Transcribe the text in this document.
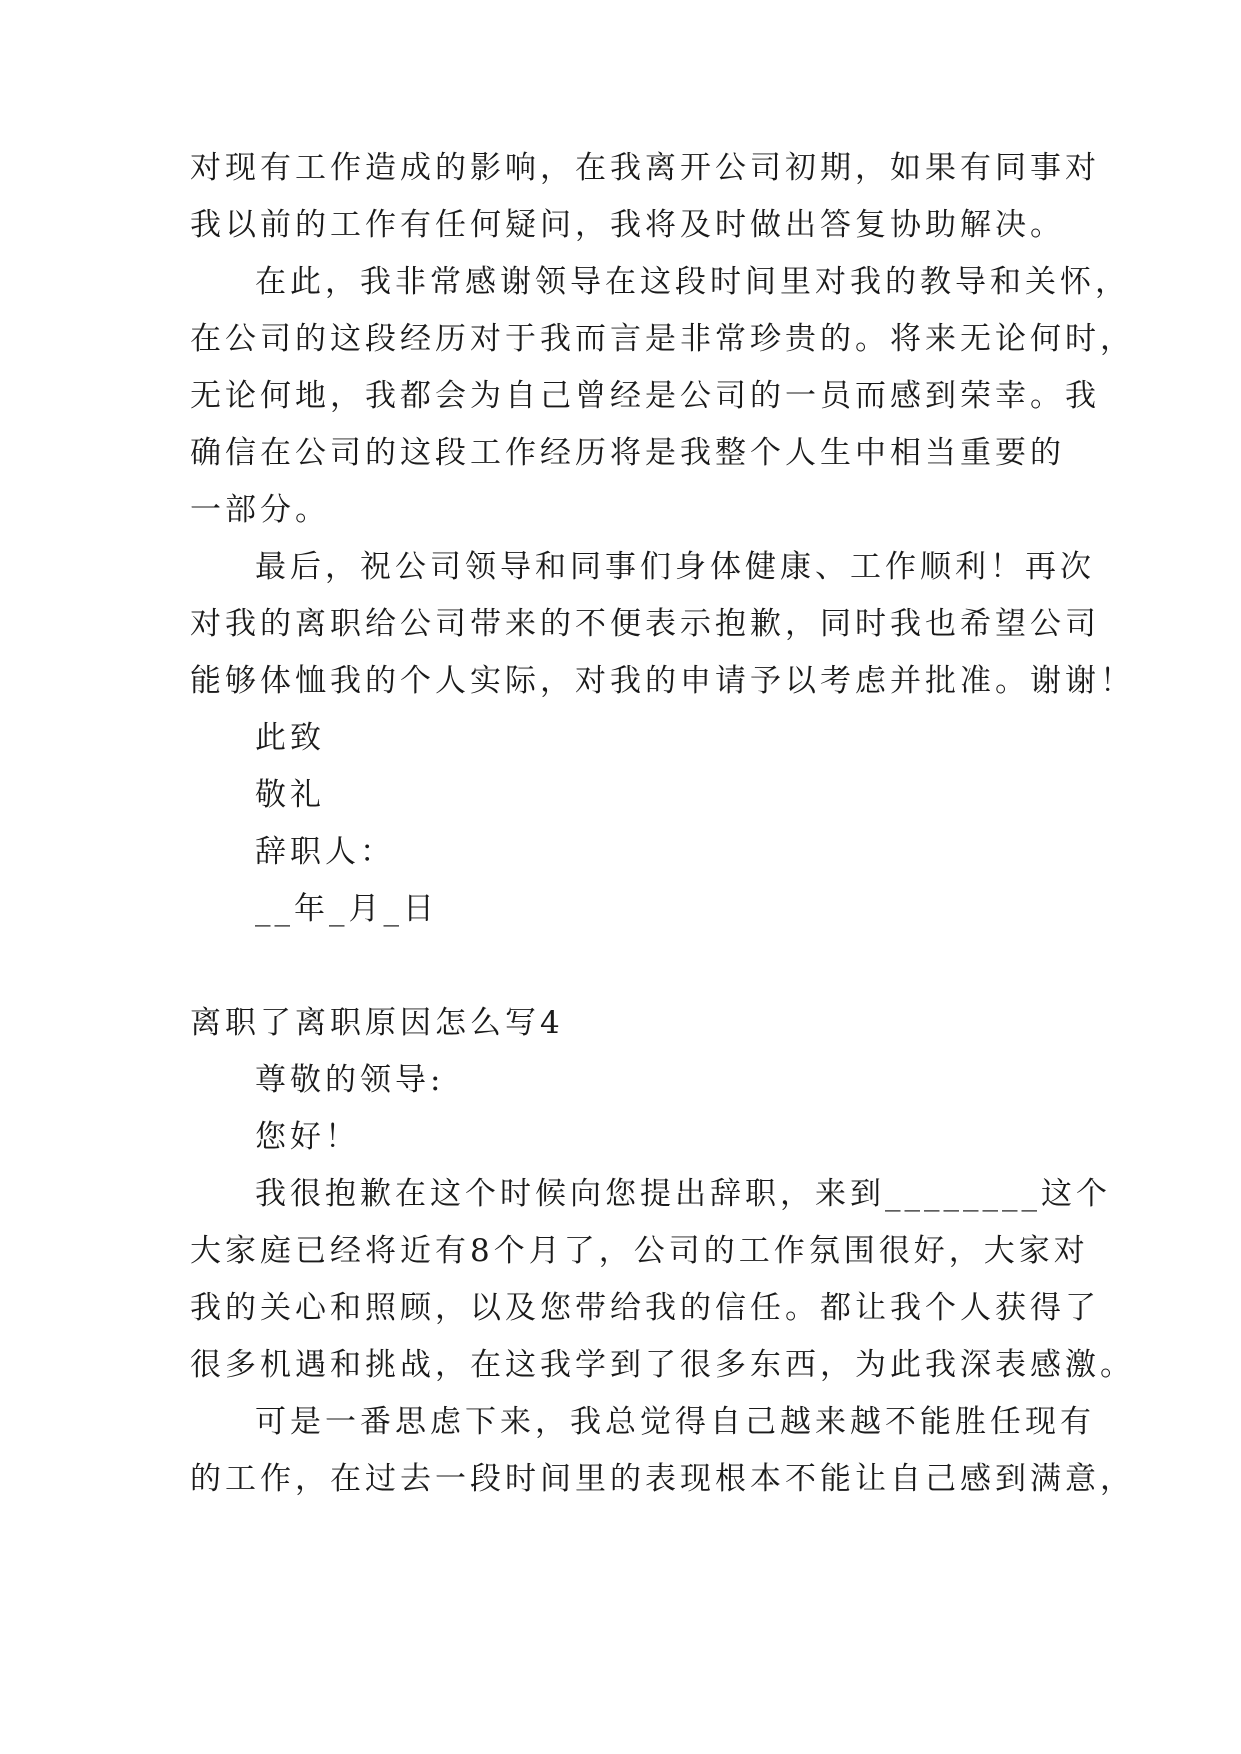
对现有工作造成的影响，在我离开公司初期，如果有同事对
我以前的工作有任何疑问，我将及时做出答复协助解决。
在此，我非常感谢领导在这段时间里对我的教导和关怀，
在公司的这段经历对于我而言是非常珍贵的。将来无论何时，
无论何地，我都会为自己曾经是公司的一员而感到荣幸。我
确信在公司的这段工作经历将是我整个人生中相当重要的
一部分。
最后，祝公司领导和同事们身体健康、工作顺利！再次
对我的离职给公司带来的不便表示抱歉，同时我也希望公司
能够体恤我的个人实际，对我的申请予以考虑并批准。谢谢！
此致
敬礼
辞职人：
__年_月_日
离职了离职原因怎么写4
尊敬的领导:
您好！
我很抱歉在这个时候向您提出辞职，来到________这个
大家庭已经将近有8个月了，公司的工作氛围很好，大家对
我的关心和照顾，以及您带给我的信任。都让我个人获得了
很多机遇和挑战，在这我学到了很多东西，为此我深表感激。
可是一番思虑下来，我总觉得自己越来越不能胜任现有
的工作，在过去一段时间里的表现根本不能让自己感到满意，
